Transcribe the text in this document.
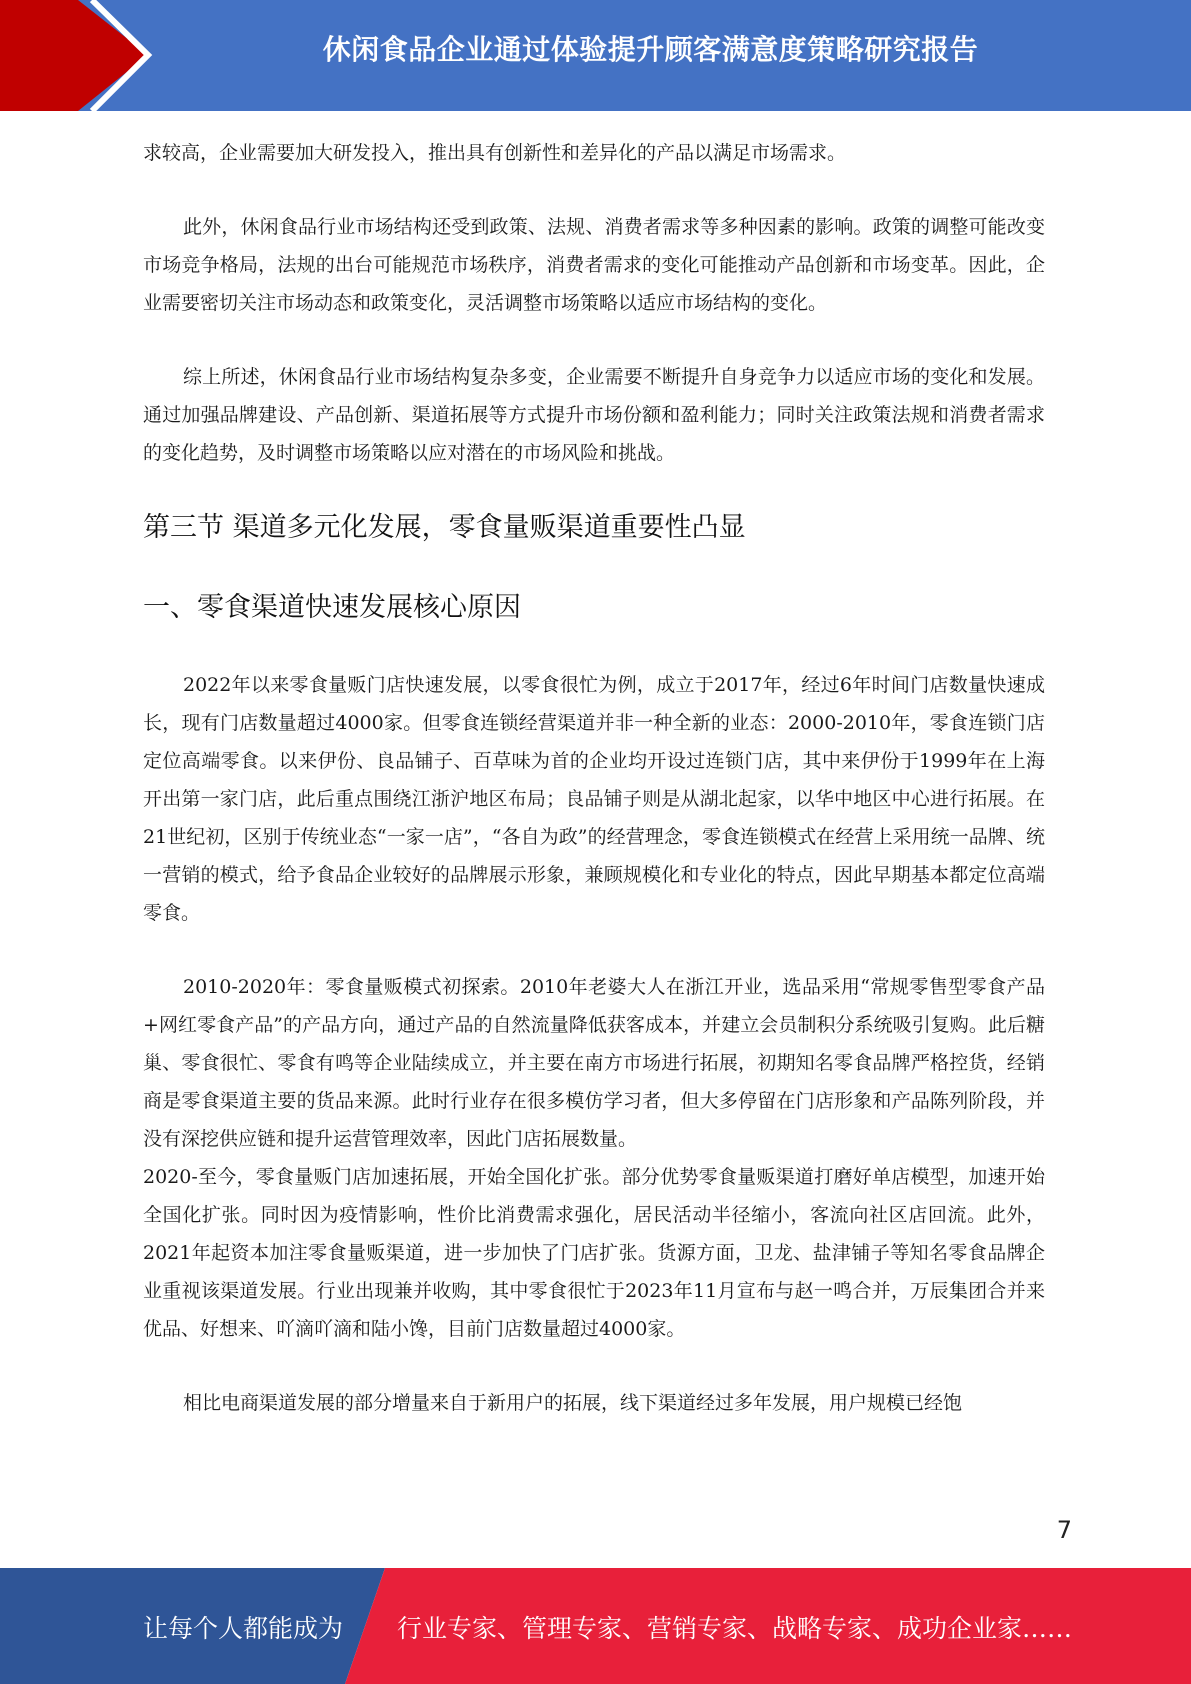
休闲食品企业通过体验提升顾客满意度策略研究报告

求较高，企业需要加大研发投入，推出具有创新性和差异化的产品以满足市场需求。

此外，休闲食品行业市场结构还受到政策、法规、消费者需求等多种因素的影响。政策的调整可能改变市场竞争格局，法规的出台可能规范市场秩序，消费者需求的变化可能推动产品创新和市场变革。因此，企业需要密切关注市场动态和政策变化，灵活调整市场策略以适应市场结构的变化。

综上所述，休闲食品行业市场结构复杂多变，企业需要不断提升自身竞争力以适应市场的变化和发展。通过加强品牌建设、产品创新、渠道拓展等方式提升市场份额和盈利能力；同时关注政策法规和消费者需求的变化趋势，及时调整市场策略以应对潜在的市场风险和挑战。

第三节 渠道多元化发展，零食量贩渠道重要性凸显
一、零食渠道快速发展核心原因

2022年以来零食量贩门店快速发展，以零食很忙为例，成立于2017年，经过6年时间门店数量快速成长，现有门店数量超过4000家。但零食连锁经营渠道并非一种全新的业态：2000-2010年，零食连锁门店定位高端零食。以来伊份、良品铺子、百草味为首的企业均开设过连锁门店，其中来伊份于1999年在上海开出第一家门店，此后重点围绕江浙沪地区布局；良品铺子则是从湖北起家，以华中地区中心进行拓展。在21世纪初，区别于传统业态“一家一店”，“各自为政”的经营理念，零食连锁模式在经营上采用统一品牌、统一营销的模式，给予食品企业较好的品牌展示形象，兼顾规模化和专业化的特点，因此早期基本都定位高端零食。

2010-2020年：零食量贩模式初探索。2010年老婆大人在浙江开业，选品采用“常规零售型零食产品+网红零食产品”的产品方向，通过产品的自然流量降低获客成本，并建立会员制积分系统吸引复购。此后糖巢、零食很忙、零食有鸣等企业陆续成立，并主要在南方市场进行拓展，初期知名零食品牌严格控货，经销商是零食渠道主要的货品来源。此时行业存在很多模仿学习者，但大多停留在门店形象和产品陈列阶段，并没有深挖供应链和提升运营管理效率，因此门店拓展数量。

2020-至今，零食量贩门店加速拓展，开始全国化扩张。部分优势零食量贩渠道打磨好单店模型，加速开始全国化扩张。同时因为疫情影响，性价比消费需求强化，居民活动半径缩小，客流向社区店回流。此外，2021年起资本加注零食量贩渠道，进一步加快了门店扩张。货源方面，卫龙、盐津铺子等知名零食品牌企业重视该渠道发展。行业出现兼并收购，其中零食很忙于2023年11月宣布与赵一鸣合并，万辰集团合并来优品、好想来、吖滴吖滴和陆小馋，目前门店数量超过4000家。

相比电商渠道发展的部分增量来自于新用户的拓展，线下渠道经过多年发展，用户规模已经饱

7
让每个人都能成为 行业专家、管理专家、营销专家、战略专家、成功企业家……
